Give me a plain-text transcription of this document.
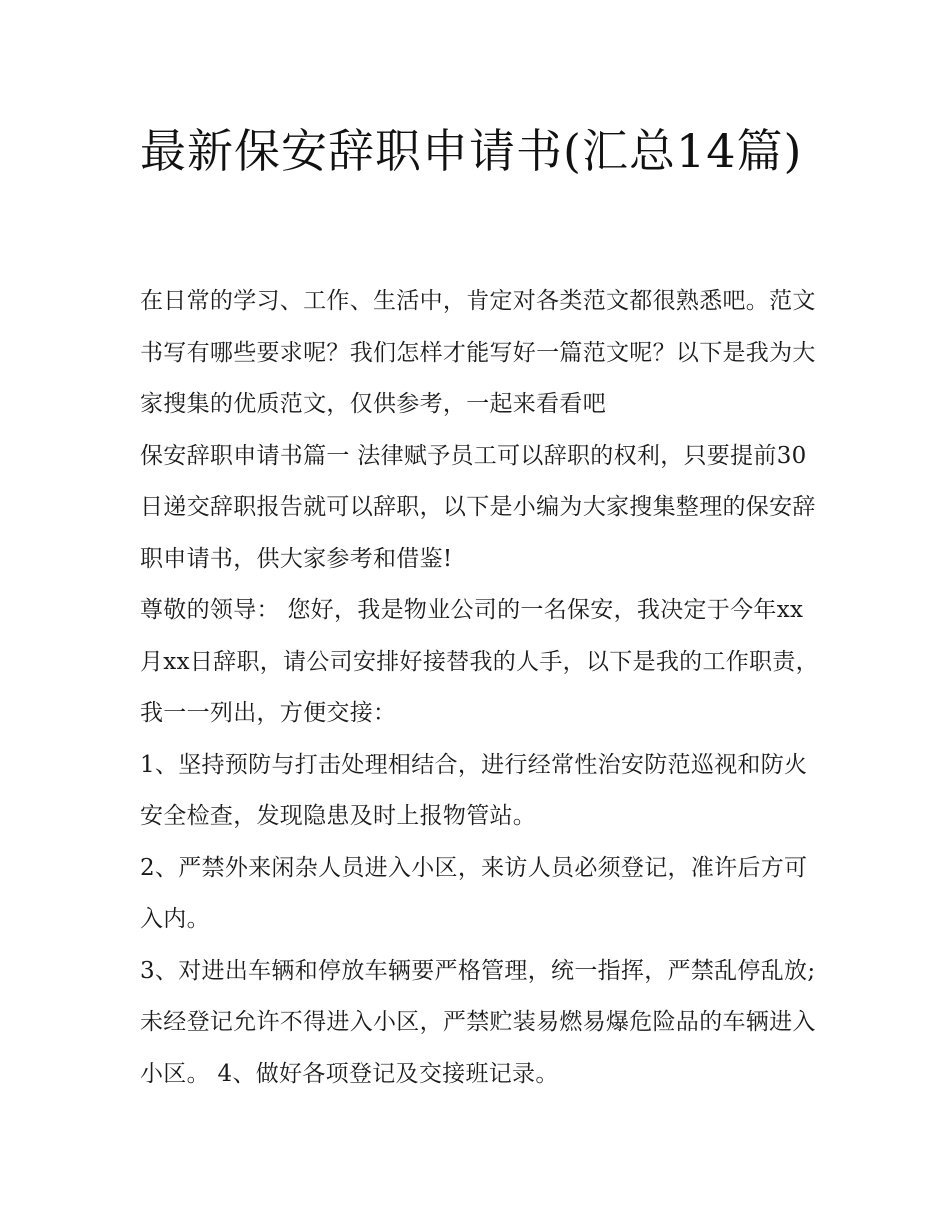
最新保安辞职申请书(汇总14篇)

在日常的学习、工作、生活中，肯定对各类范文都很熟悉吧。范文书写有哪些要求呢？我们怎样才能写好一篇范文呢？以下是我为大家搜集的优质范文，仅供参考，一起来看看吧

保安辞职申请书篇一 法律赋予员工可以辞职的权利，只要提前30日递交辞职报告就可以辞职，以下是小编为大家搜集整理的保安辞职申请书，供大家参考和借鉴!

尊敬的领导： 您好，我是物业公司的一名保安，我决定于今年xx月xx日辞职，请公司安排好接替我的人手，以下是我的工作职责，我一一列出，方便交接：

1、坚持预防与打击处理相结合，进行经常性治安防范巡视和防火安全检查，发现隐患及时上报物管站。

2、严禁外来闲杂人员进入小区，来访人员必须登记，准许后方可入内。

3、对进出车辆和停放车辆要严格管理，统一指挥，严禁乱停乱放;未经登记允许不得进入小区，严禁贮装易燃易爆危险品的车辆进入小区。 4、做好各项登记及交接班记录。
